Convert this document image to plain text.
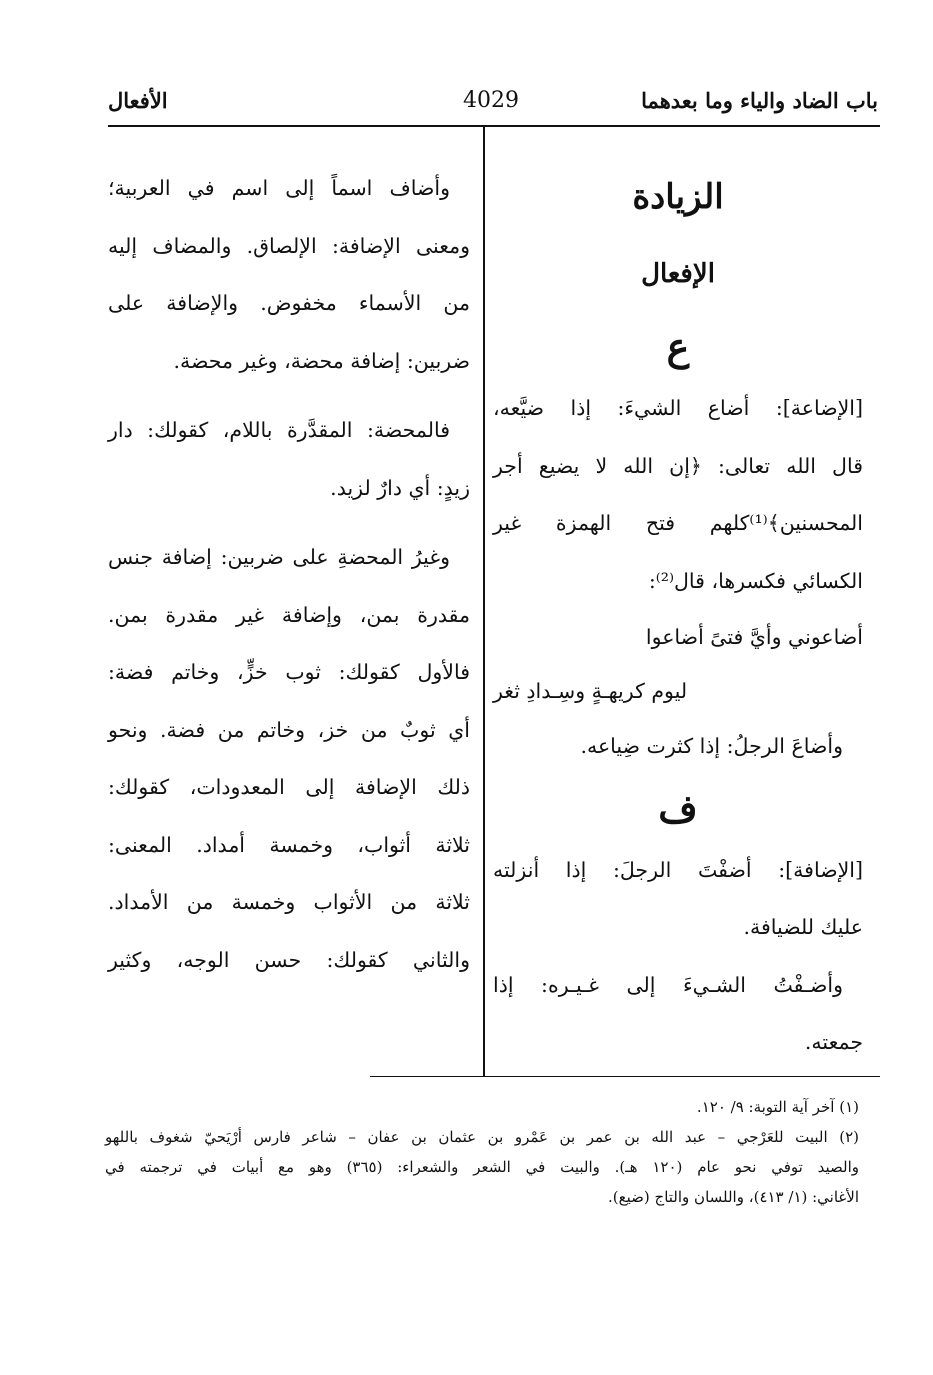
باب الضاد والياء وما بعدهما
4029
الأفعال
الزيادة
الإفعال
ع
[الإضاعة]: أضاع الشيءَ: إذا ضيَّعه،
قال الله تعالى: ﴿إن الله لا يضيع أجر
المحسنين﴾⁽¹⁾كلهم فتح الهمزة غير
الكسائي فكسرها، قال⁽²⁾:
أضاعوني وأيَّ فتىً أضاعوا
ليوم كريهـةٍ وسِـدادِ ثغر
وأضاعَ الرجلُ: إذا كثرت ضِياعه.
ف
[الإضافة]: أضفْتَ الرجلَ: إذا أنزلته
عليك للضيافة.
وأضـفْتُ الشـيءَ إلى غـيـره: إذا
جمعته.
وأضاف اسماً إلى اسم في العربية؛
ومعنى الإضافة: الإلصاق. والمضاف إليه
من الأسماء مخفوض. والإضافة على
ضربين: إضافة محضة، وغير محضة.
فالمحضة: المقدَّرة باللام، كقولك: دار
زيدٍ: أي دارٌ لزيد.
وغيرُ المحضةِ على ضربين: إضافة جنس
مقدرة بمن، وإضافة غير مقدرة بمن.
فالأول كقولك: ثوب خزٍّ، وخاتم فضة:
أي ثوبٌ من خز، وخاتم من فضة. ونحو
ذلك الإضافة إلى المعدودات، كقولك:
ثلاثة أثواب، وخمسة أمداد. المعنى:
ثلاثة من الأثواب وخمسة من الأمداد.
والثاني كقولك: حسن الوجه، وكثير
(١) آخر آية التوبة: ٩/ ١٢٠.
(٢) البيت للعَرْجي – عبد الله بن عمر بن عَمْرو بن عثمان بن عفان – شاعر فارس أرْيَحيّ شغوف باللهو
والصيد توفي نحو عام (١٢٠ هـ). والبيت في الشعر والشعراء: (٣٦٥) وهو مع أبيات في ترجمته في
الأغاني: (١/ ٤١٣)، واللسان والتاج (ضيع).
